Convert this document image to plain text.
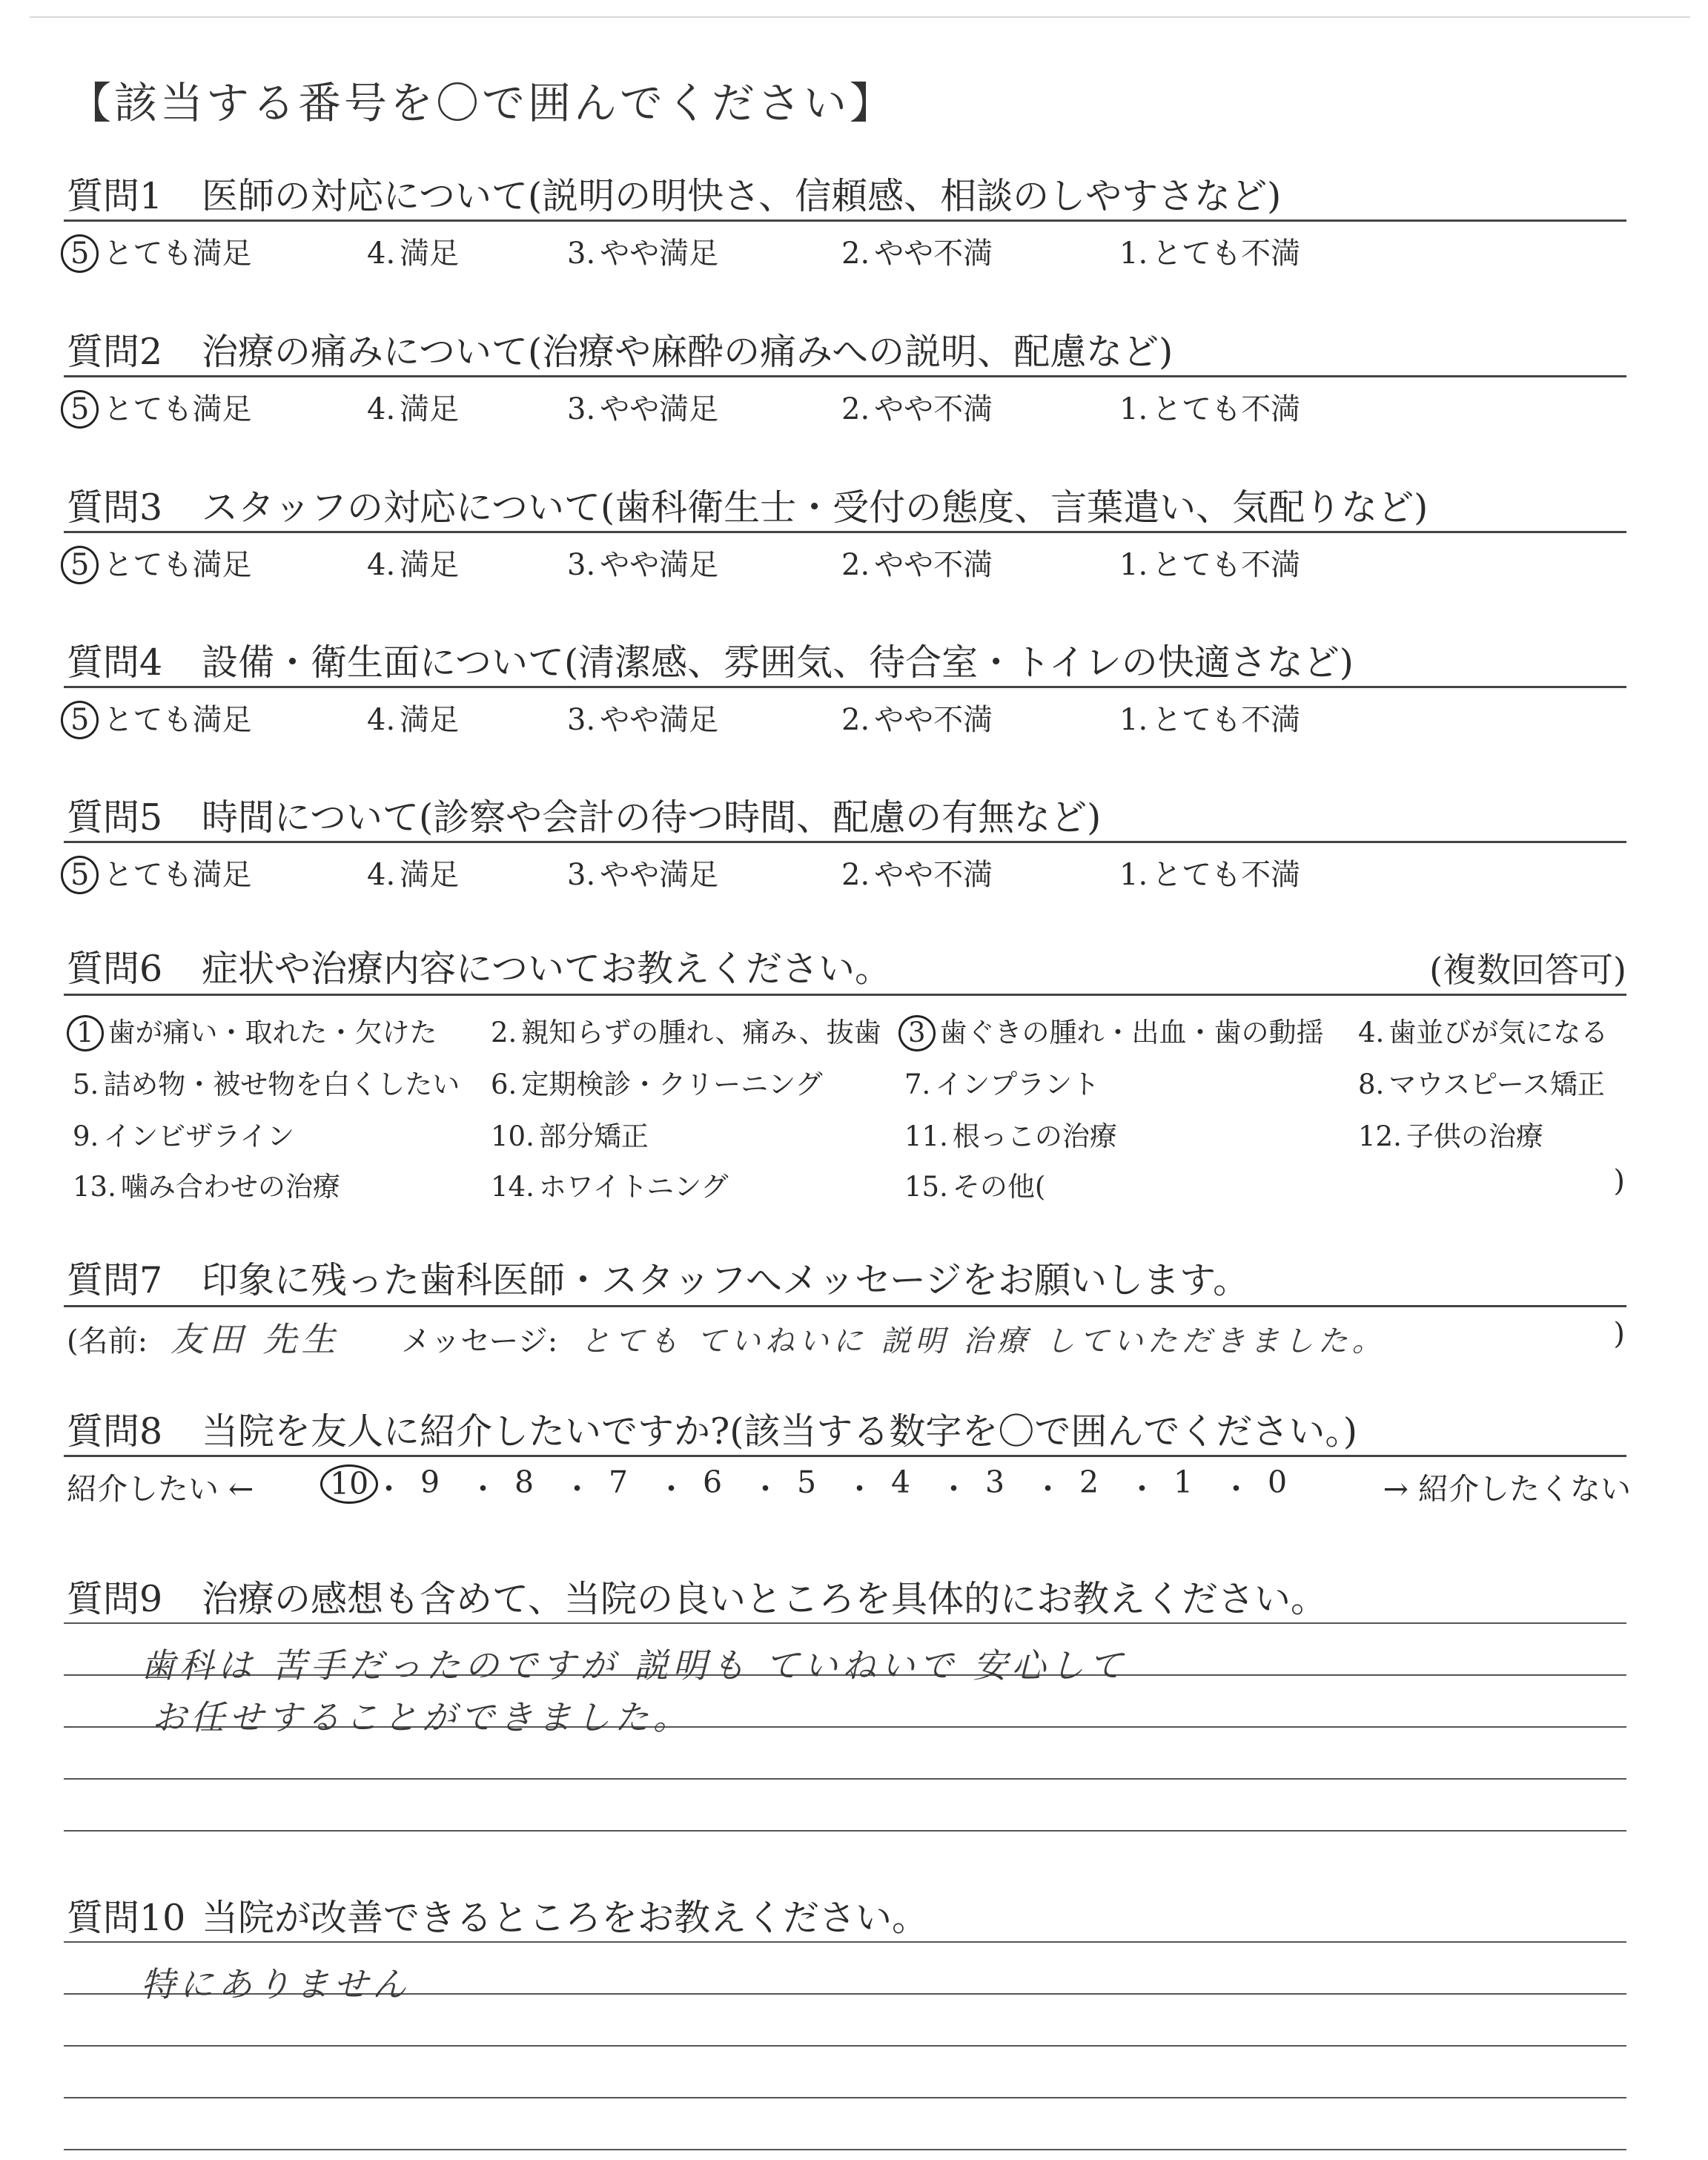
【該当する番号を〇で囲んでください】
質問1 医師の対応について(説明の明快さ、信頼感、相談のしやすさなど)
5 とても満足	4. 満足	3. やや満足	2. やや不満	1. とても不満
質問2 治療の痛みについて(治療や麻酔の痛みへの説明、配慮など)
5 とても満足	4. 満足	3. やや満足	2. やや不満	1. とても不満
質問3 スタッフの対応について(歯科衛生士・受付の態度、言葉遣い、気配りなど)
5 とても満足	4. 満足	3. やや満足	2. やや不満	1. とても不満
質問4 設備・衛生面について(清潔感、雰囲気、待合室・トイレの快適さなど)
5 とても満足	4. 満足	3. やや満足	2. やや不満	1. とても不満
質問5 時間について(診察や会計の待つ時間、配慮の有無など)
5 とても満足	4. 満足	3. やや満足	2. やや不満	1. とても不満
質問6 症状や治療内容についてお教えください。	(複数回答可)
1 歯が痛い・取れた・欠けた 2. 親知らずの腫れ、痛み、抜歯 3 歯ぐきの腫れ・出血・歯の動揺 4. 歯並びが気になる
5. 詰め物・被せ物を白くしたい 6. 定期検診・クリーニング	7. インプラント	8. マウスピース矯正
9. インビザライン	10. 部分矯正	11. 根っこの治療	12. 子供の治療
13. 噛み合わせの治療	14. ホワイトニング	15. その他(	)
質問7 印象に残った歯科医師・スタッフへメッセージをお願いします。
(名前: 友田 先生 メッセージ: とても ていねいに 説明 治療 していただきました。	)
質問8 当院を友人に紹介したいですか?(該当する数字を〇で囲んでください。)
紹介したい ←	→ 紹介したくない
10 ・ 9 ・ 8 ・ 7 ・ 6 ・ 5 ・ 4 ・ 3 ・ 2 ・ 1 ・ 0
質問9 治療の感想も含めて、当院の良いところを具体的にお教えください。
歯科は 苦手だったのですが 説明も ていねいで 安心して
お任せすることができました。
質問10 当院が改善できるところをお教えください。
特にありません
